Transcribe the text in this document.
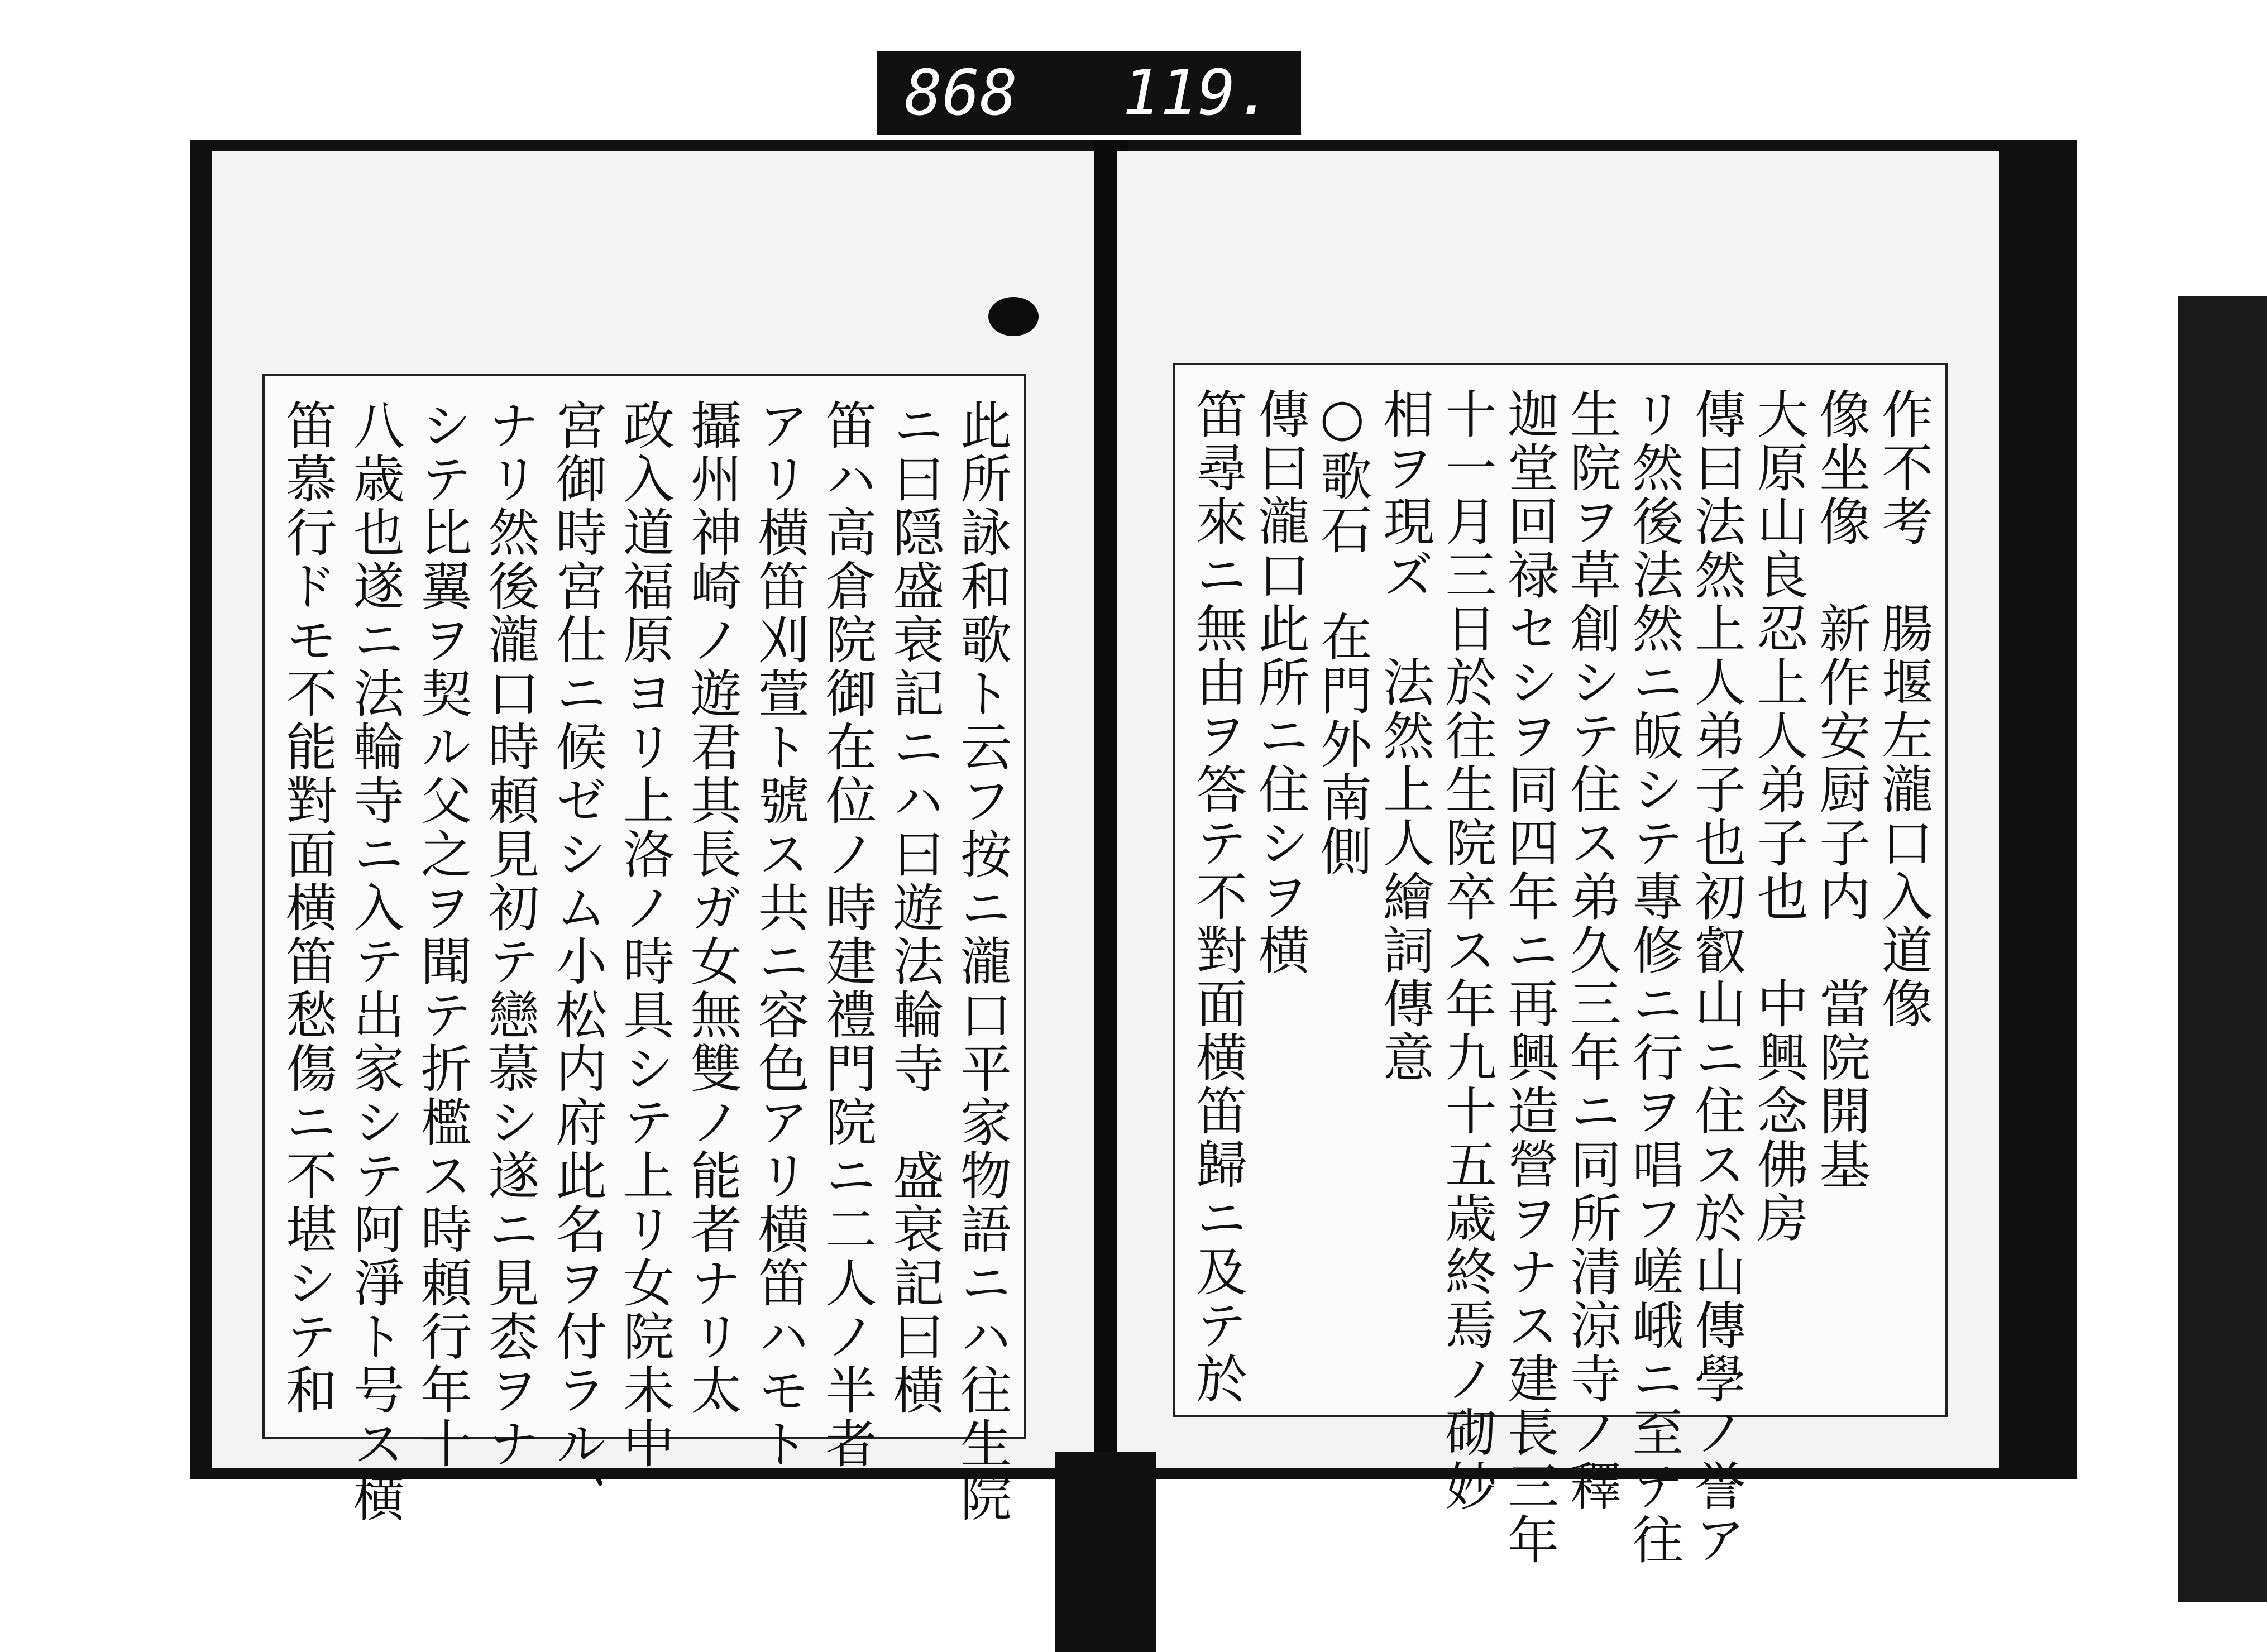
868 119.
此所詠和歌ト云フ按ニ瀧口平家物語ニハ往生院
ニ曰隠盛衰記ニハ曰遊法輪寺　盛衰記曰横
笛ハ高倉院御在位ノ時建禮門院ニ二人ノ半者
アリ横笛刈萱ト號ス共ニ容色アリ横笛ハモト
攝州神崎ノ遊君其長ガ女無雙ノ能者ナリ太
政入道福原ヨリ上洛ノ時具シテ上リ女院未中
宮御時宮仕ニ候ゼシム小松内府此名ヲ付ラル、
ナリ然後瀧口時頼見初テ戀慕シ遂ニ見枩ヲナ
シテ比翼ヲ契ル父之ヲ聞テ折檻ス時頼行年十
八歳也遂ニ法輪寺ニ入テ出家シテ阿淨ト号ス横
笛慕行ドモ不能對面横笛愁傷ニ不堪シテ和	作不考　腸堰左瀧口入道像
像坐像　新作安厨子内　當院開基
大原山良忍上人弟子也　中興念佛房
傳曰法然上人弟子也初叡山ニ住ス於山傳學ノ誉ア
リ然後法然ニ皈シテ專修ニ行ヲ唱フ嵯峨ニ至テ往
生院ヲ草創シテ住ス弟久三年ニ同所清涼寺ノ釋
迦堂回禄セシヲ同四年ニ再興造營ヲナス建長三年
十一月三日於往生院卒ス年九十五歳終焉ノ砌妙
相ヲ現ズ　法然上人繪詞傳意
○歌石　在門外南側
傳曰瀧口此所ニ住シヲ横
笛尋來ニ無由ヲ答テ不對面横笛歸ニ及テ於
